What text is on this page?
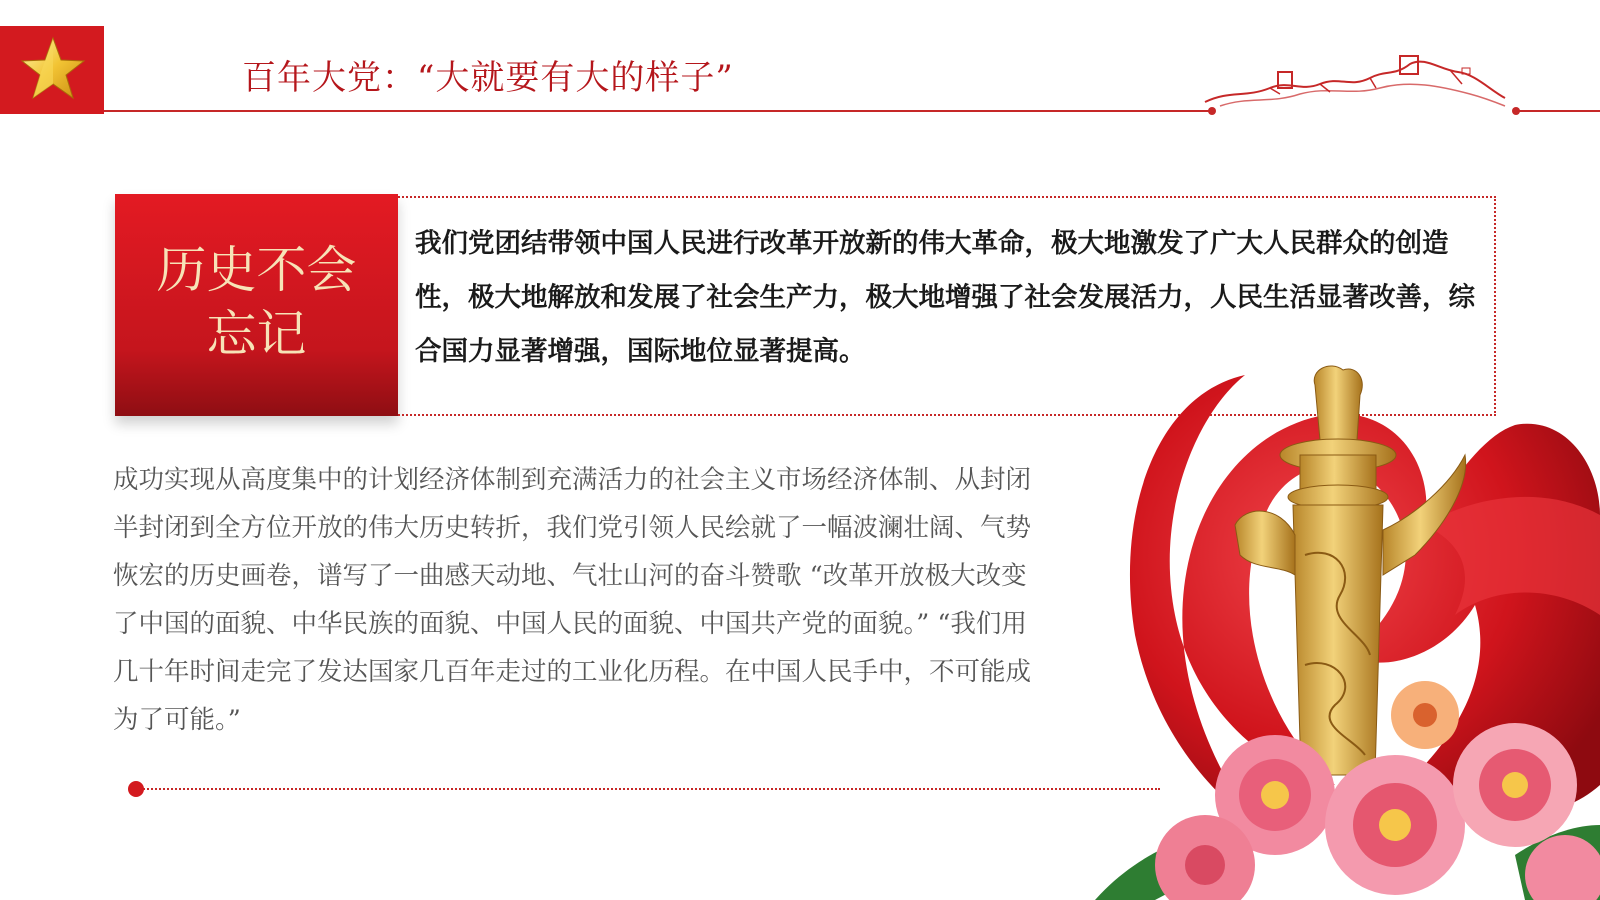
百年大党：“大就要有大的样子”
历史不会
忘记
我们党团结带领中国人民进行改革开放新的伟大革命，极大地激发了广大人民群众的创造性，极大地解放和发展了社会生产力，极大地增强了社会发展活力，人民生活显著改善，综合国力显著增强，国际地位显著提高。
成功实现从高度集中的计划经济体制到充满活力的社会主义市场经济体制、从封闭半封闭到全方位开放的伟大历史转折，我们党引领人民绘就了一幅波澜壮阔、气势恢宏的历史画卷，谱写了一曲感天动地、气壮山河的奋斗赞歌 “改革开放极大改变了中国的面貌、中华民族的面貌、中国人民的面貌、中国共产党的面貌。” “我们用几十年时间走完了发达国家几百年走过的工业化历程。在中国人民手中，不可能成为了可能。”
